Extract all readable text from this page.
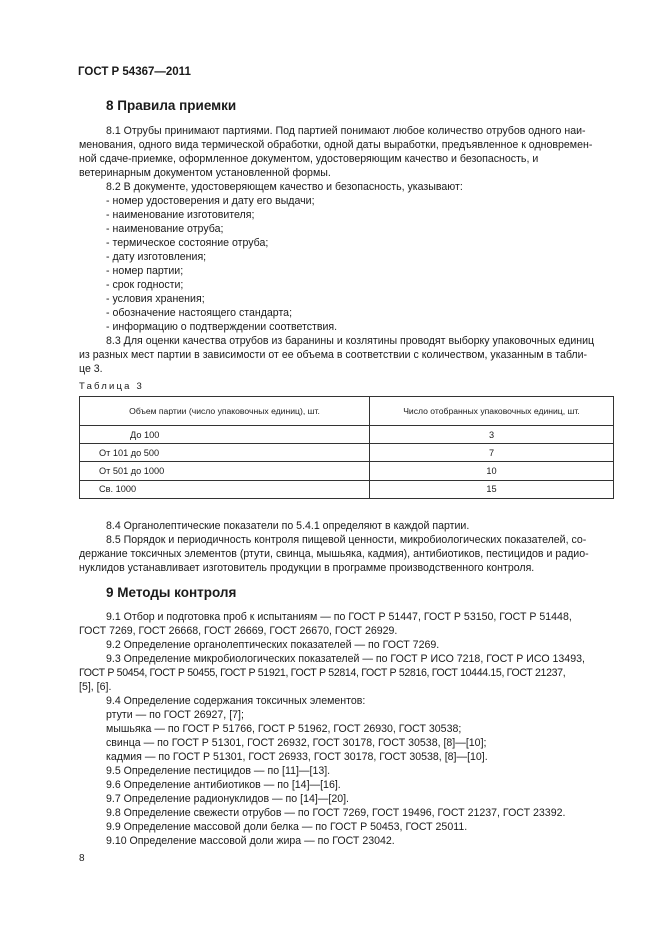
ГОСТ Р 54367—2011
8 Правила приемки
8.1 Отрубы принимают партиями. Под партией понимают любое количество отрубов одного наи-
менования, одного вида термической обработки, одной даты выработки, предъявленное к одновремен-
ной сдаче-приемке, оформленное документом, удостоверяющим качество и безопасность, и
ветеринарным документом установленной формы.
8.2 В документе, удостоверяющем качество и безопасность, указывают:
- номер удостоверения и дату его выдачи;
- наименование изготовителя;
- наименование отруба;
- термическое состояние отруба;
- дату изготовления;
- номер партии;
- срок годности;
- условия хранения;
- обозначение настоящего стандарта;
- информацию о подтверждении соответствия.
8.3 Для оценки качества отрубов из баранины и козлятины проводят выборку упаковочных единиц
из разных мест партии в зависимости от ее объема в соответствии с количеством, указанным в табли-
це 3.
Таблица 3
Объем партии (число упаковочных единиц), шт.	Число отобранных упаковочных единиц, шт.
До 100	3
От 101 до 500	7
От 501 до 1000	10
Св. 1000	15
8.4 Органолептические показатели по 5.4.1 определяют в каждой партии.
8.5 Порядок и периодичность контроля пищевой ценности, микробиологических показателей, со-
держание токсичных элементов (ртути, свинца, мышьяка, кадмия), антибиотиков, пестицидов и радио-
нуклидов устанавливает изготовитель продукции в программе производственного контроля.
9 Методы контроля
9.1 Отбор и подготовка проб к испытаниям — по ГОСТ Р 51447, ГОСТ Р 53150, ГОСТ Р 51448,
ГОСТ 7269, ГОСТ 26668, ГОСТ 26669, ГОСТ 26670, ГОСТ 26929.
9.2 Определение органолептических показателей — по ГОСТ 7269.
9.3 Определение микробиологических показателей — по ГОСТ Р ИСО 7218, ГОСТ Р ИСО 13493,
ГОСТ Р 50454, ГОСТ Р 50455, ГОСТ Р 51921, ГОСТ Р 52814, ГОСТ Р 52816, ГОСТ 10444.15, ГОСТ 21237,
[5], [6].
9.4 Определение содержания токсичных элементов:
ртути — по ГОСТ 26927, [7];
мышьяка — по ГОСТ Р 51766, ГОСТ Р 51962, ГОСТ 26930, ГОСТ 30538;
свинца — по ГОСТ Р 51301, ГОСТ 26932, ГОСТ 30178, ГОСТ 30538, [8]—[10];
кадмия — по ГОСТ Р 51301, ГОСТ 26933, ГОСТ 30178, ГОСТ 30538, [8]—[10].
9.5 Определение пестицидов — по [11]—[13].
9.6 Определение антибиотиков — по [14]—[16].
9.7 Определение радионуклидов — по [14]—[20].
9.8 Определение свежести отрубов — по ГОСТ 7269, ГОСТ 19496, ГОСТ 21237, ГОСТ 23392.
9.9 Определение массовой доли белка — по ГОСТ Р 50453, ГОСТ 25011.
9.10 Определение массовой доли жира — по ГОСТ 23042.
8
